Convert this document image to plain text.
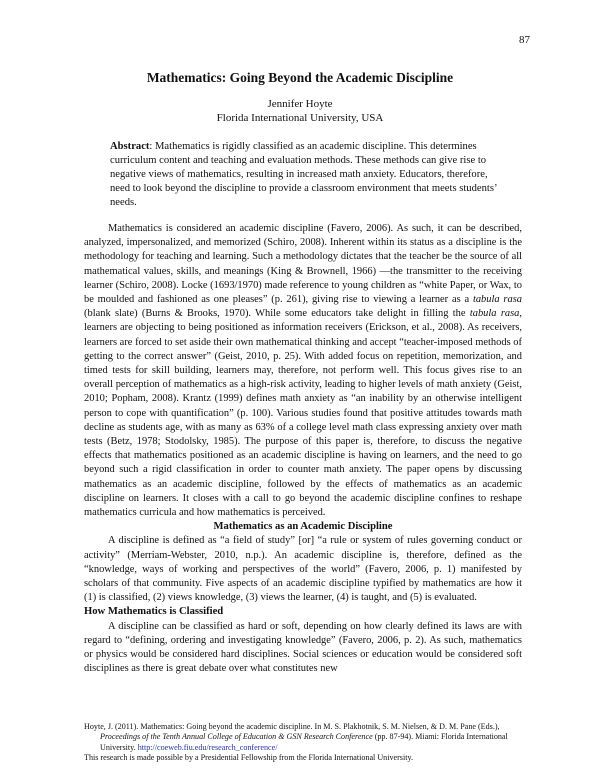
87
Mathematics: Going Beyond the Academic Discipline
Jennifer Hoyte
Florida International University, USA
Abstract: Mathematics is rigidly classified as an academic discipline. This determines curriculum content and teaching and evaluation methods. These methods can give rise to negative views of mathematics, resulting in increased math anxiety. Educators, therefore, need to look beyond the discipline to provide a classroom environment that meets students’ needs.

Mathematics is considered an academic discipline (Favero, 2006). As such, it can be described, analyzed, impersonalized, and memorized (Schiro, 2008). Inherent within its status as a discipline is the methodology for teaching and learning. Such a methodology dictates that the teacher be the source of all mathematical values, skills, and meanings (King & Brownell, 1966) —the transmitter to the receiving learner (Schiro, 2008). Locke (1693/1970) made reference to young children as “white Paper, or Wax, to be moulded and fashioned as one pleases” (p. 261), giving rise to viewing a learner as a tabula rasa (blank slate) (Burns & Brooks, 1970). While some educators take delight in filling the tabula rasa, learners are objecting to being positioned as information receivers (Erickson, et al., 2008). As receivers, learners are forced to set aside their own mathematical thinking and accept “teacher-imposed methods of getting to the correct answer” (Geist, 2010, p. 25). With added focus on repetition, memorization, and timed tests for skill building, learners may, therefore, not perform well. This focus gives rise to an overall perception of mathematics as a high-risk activity, leading to higher levels of math anxiety (Geist, 2010; Popham, 2008). Krantz (1999) defines math anxiety as “an inability by an otherwise intelligent person to cope with quantification” (p. 100). Various studies found that positive attitudes towards math decline as students age, with as many as 63% of a college level math class expressing anxiety over math tests (Betz, 1978; Stodolsky, 1985). The purpose of this paper is, therefore, to discuss the negative effects that mathematics positioned as an academic discipline is having on learners, and the need to go beyond such a rigid classification in order to counter math anxiety. The paper opens by discussing mathematics as an academic discipline, followed by the effects of mathematics as an academic discipline on learners. It closes with a call to go beyond the academic discipline confines to reshape mathematics curricula and how mathematics is perceived.

Mathematics as an Academic Discipline

A discipline is defined as “a field of study” [or] “a rule or system of rules governing conduct or activity” (Merriam-Webster, 2010, n.p.). An academic discipline is, therefore, defined as the “knowledge, ways of working and perspectives of the world” (Favero, 2006, p. 1) manifested by scholars of that community. Five aspects of an academic discipline typified by mathematics are how it (1) is classified, (2) views knowledge, (3) views the learner, (4) is taught, and (5) is evaluated.

How Mathematics is Classified

A discipline can be classified as hard or soft, depending on how clearly defined its laws are with regard to “defining, ordering and investigating knowledge” (Favero, 2006, p. 2). As such, mathematics or physics would be considered hard disciplines. Social sciences or education would be considered soft disciplines as there is great debate over what constitutes new

Hoyte, J. (2011). Mathematics: Going beyond the academic discipline. In M. S. Plakhotnik, S. M. Nielsen, & D. M. Pane (Eds.), Proceedings of the Tenth Annual College of Education & GSN Research Conference (pp. 87-94). Miami: Florida International University. http://coeweb.fiu.edu/research_conference/
This research is made possible by a Presidential Fellowship from the Florida International University.
